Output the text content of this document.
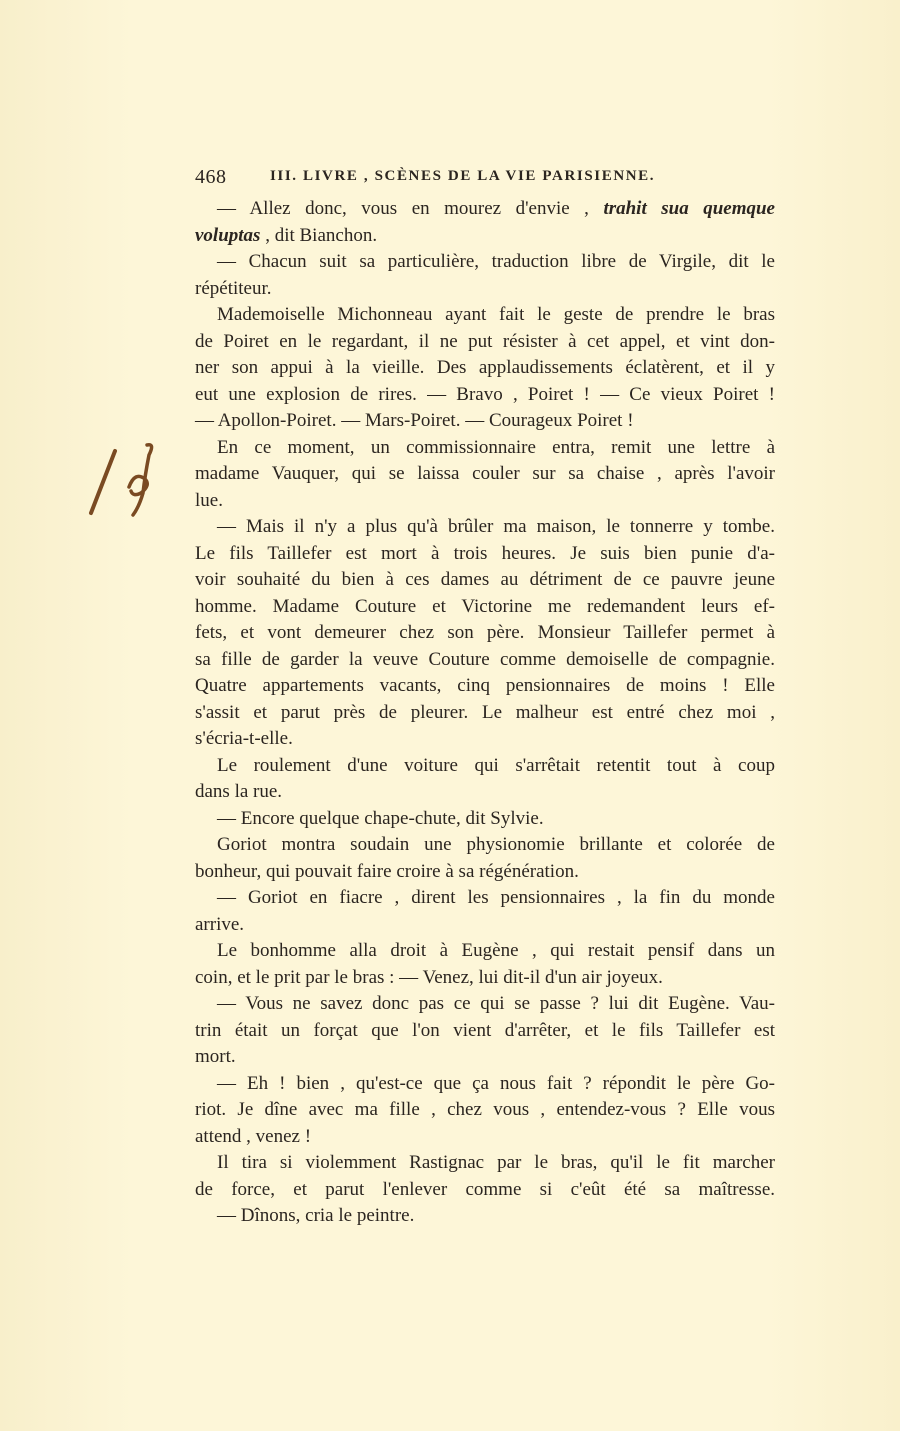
468	III. LIVRE , SCÈNES DE LA VIE PARISIENNE.
— Allez donc, vous en mourez d'envie , trahit sua quemque
voluptas , dit Bianchon.
— Chacun suit sa particulière, traduction libre de Virgile, dit le
répétiteur.
Mademoiselle Michonneau ayant fait le geste de prendre le bras
de Poiret en le regardant, il ne put résister à cet appel, et vint don-
ner son appui à la vieille. Des applaudissements éclatèrent, et il y
eut une explosion de rires. — Bravo , Poiret ! — Ce vieux Poiret !
— Apollon-Poiret. — Mars-Poiret. — Courageux Poiret !
En ce moment, un commissionnaire entra, remit une lettre à
madame Vauquer, qui se laissa couler sur sa chaise , après l'avoir
lue.
— Mais il n'y a plus qu'à brûler ma maison, le tonnerre y tombe.
Le fils Taillefer est mort à trois heures. Je suis bien punie d'a-
voir souhaité du bien à ces dames au détriment de ce pauvre jeune
homme. Madame Couture et Victorine me redemandent leurs ef-
fets, et vont demeurer chez son père. Monsieur Taillefer permet à
sa fille de garder la veuve Couture comme demoiselle de compagnie.
Quatre appartements vacants, cinq pensionnaires de moins ! Elle
s'assit et parut près de pleurer. Le malheur est entré chez moi ,
s'écria-t-elle.
Le roulement d'une voiture qui s'arrêtait retentit tout à coup
dans la rue.
— Encore quelque chape-chute, dit Sylvie.
Goriot montra soudain une physionomie brillante et colorée de
bonheur, qui pouvait faire croire à sa régénération.
— Goriot en fiacre , dirent les pensionnaires , la fin du monde
arrive.
Le bonhomme alla droit à Eugène , qui restait pensif dans un
coin, et le prit par le bras : — Venez, lui dit-il d'un air joyeux.
— Vous ne savez donc pas ce qui se passe ? lui dit Eugène. Vau-
trin était un forçat que l'on vient d'arrêter, et le fils Taillefer est
mort.
— Eh ! bien , qu'est-ce que ça nous fait ? répondit le père Go-
riot. Je dîne avec ma fille , chez vous , entendez-vous ? Elle vous
attend , venez !
Il tira si violemment Rastignac par le bras, qu'il le fit marcher
de force, et parut l'enlever comme si c'eût été sa maîtresse.
— Dînons, cria le peintre.
